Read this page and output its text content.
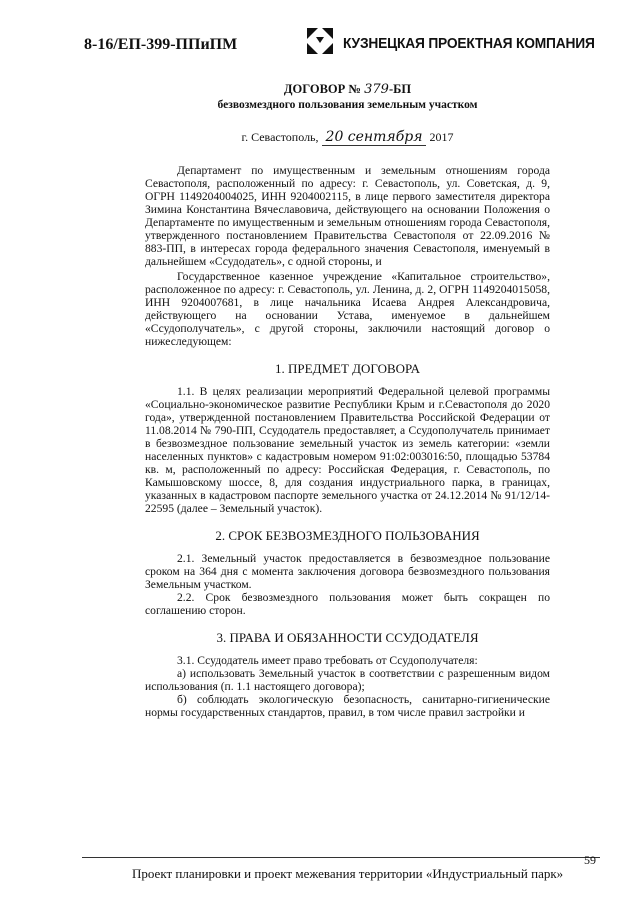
8-16/ЕП-399-ППиПМ	КУЗНЕЦКАЯ ПРОЕКТНАЯ КОМПАНИЯ
ДОГОВОР № 379-БП
безвозмездного пользования земельным участком
г. Севастополь, 20 сентября 2017

Департамент по имущественным и земельным отношениям города Севастополя, расположенный по адресу: г. Севастополь, ул. Советская, д. 9, ОГРН 1149204004025, ИНН 9204002115, в лице первого заместителя директора Зимина Константина Вячеславовича, действующего на основании Положения о Департаменте по имущественным и земельным отношениям города Севастополя, утвержденного постановлением Правительства Севастополя от 22.09.2016 № 883-ПП, в интересах города федерального значения Севастополя, именуемый в дальнейшем «Ссудодатель», с одной стороны, и

Государственное казенное учреждение «Капитальное строительство», расположенное по адресу: г. Севастополь, ул. Ленина, д. 2, ОГРН 1149204015058, ИНН 9204007681, в лице начальника Исаева Андрея Александровича, действующего на основании Устава, именуемое в дальнейшем «Ссудополучатель», с другой стороны, заключили настоящий договор о нижеследующем:

1. ПРЕДМЕТ ДОГОВОРА

1.1. В целях реализации мероприятий Федеральной целевой программы «Социально-экономическое развитие Республики Крым и г.Севастополя до 2020 года», утвержденной постановлением Правительства Российской Федерации от 11.08.2014 № 790-ПП, Ссудодатель предоставляет, а Ссудополучатель принимает в безвозмездное пользование земельный участок из земель категории: «земли населенных пунктов» с кадастровым номером 91:02:003016:50, площадью 53784 кв. м, расположенный по адресу: Российская Федерация, г. Севастополь, по Камышовскому шоссе, 8, для создания индустриального парка, в границах, указанных в кадастровом паспорте земельного участка от 24.12.2014 № 91/12/14-22595 (далее – Земельный участок).

2. СРОК БЕЗВОЗМЕЗДНОГО ПОЛЬЗОВАНИЯ

2.1. Земельный участок предоставляется в безвозмездное пользование сроком на 364 дня с момента заключения договора безвозмездного пользования Земельным участком.

2.2. Срок безвозмездного пользования может быть сокращен по соглашению сторон.

3. ПРАВА И ОБЯЗАННОСТИ ССУДОДАТЕЛЯ

3.1. Ссудодатель имеет право требовать от Ссудополучателя:

а) использовать Земельный участок в соответствии с разрешенным видом использования (п. 1.1 настоящего договора);

б) соблюдать экологическую безопасность, санитарно-гигиенические нормы государственных стандартов, правил, в том числе правил застройки и

59
Проект планировки и проект межевания территории «Индустриальный парк»
